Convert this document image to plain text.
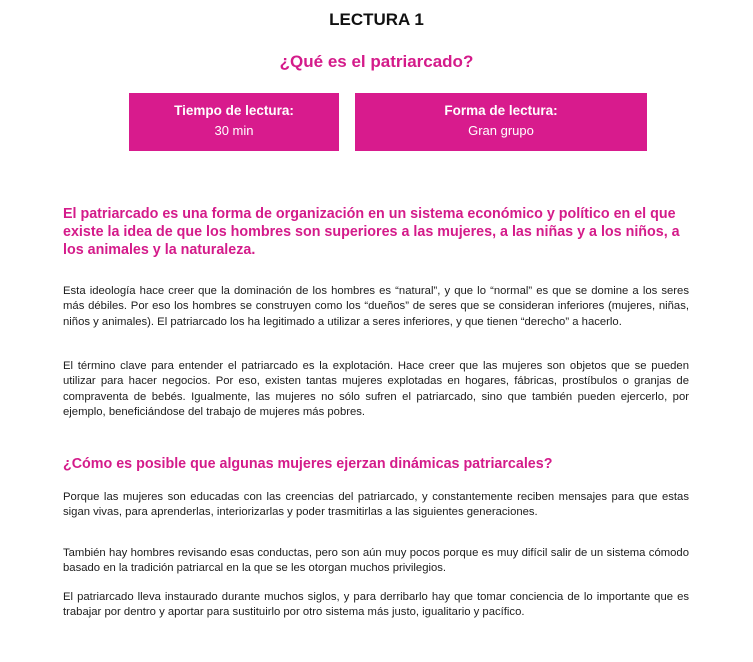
LECTURA 1
¿Qué es el patriarcado?
Tiempo de lectura:
30 min
Forma de lectura:
Gran grupo
El patriarcado es una forma de organización en un sistema económico y político en el que existe la idea de que los hombres son superiores a las mujeres, a las niñas y a los niños, a los animales y la naturaleza.
Esta ideología hace creer que la dominación de los hombres es “natural”, y que lo “normal” es que se domine a los seres más débiles. Por eso los hombres se construyen como los “dueños” de seres que se consideran inferiores (mujeres, niñas, niños y animales). El patriarcado los ha legitimado a utilizar a seres inferiores, y que tienen “derecho” a hacerlo.
El término clave para entender el patriarcado es la explotación. Hace creer que las mujeres son objetos que se pueden utilizar para hacer negocios. Por eso, existen tantas mujeres explotadas en hogares, fábricas, prostíbulos o granjas de compraventa de bebés. Igualmente, las mujeres no sólo sufren el patriarcado, sino que también pueden ejercerlo, por ejemplo, beneficiándose del trabajo de mujeres más pobres.
¿Cómo es posible que algunas mujeres ejerzan dinámicas patriarcales?
Porque las mujeres son educadas con las creencias del patriarcado, y constantemente reciben mensajes para que estas sigan vivas, para aprenderlas, interiorizarlas y poder trasmitirlas a las siguientes generaciones.
También hay hombres revisando esas conductas, pero son aún muy pocos porque es muy difícil salir de un sistema cómodo basado en la tradición patriarcal en la que se les otorgan muchos privilegios.
El patriarcado lleva instaurado durante muchos siglos, y para derribarlo hay que tomar conciencia de lo importante que es trabajar por dentro y aportar para sustituirlo por otro sistema más justo, igualitario y pacífico.
